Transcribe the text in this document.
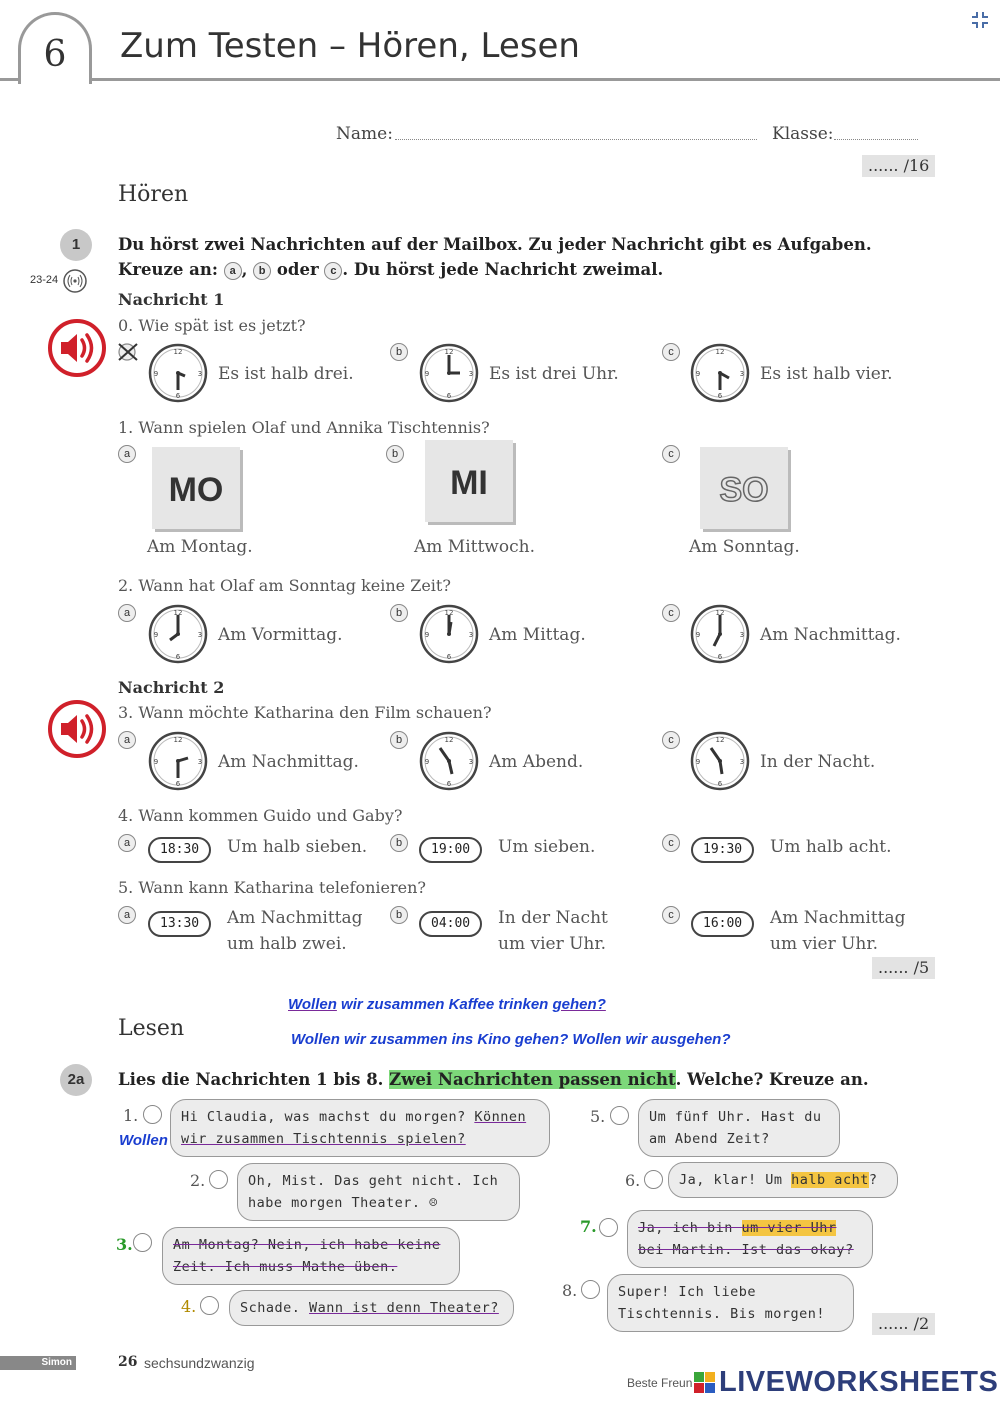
6	Zum Testen – Hören, Lesen
Name:	Klasse:
...... /16
Hören
1
23-24
Du hörst zwei Nachrichten auf der Mailbox. Zu jeder Nachricht gibt es Aufgaben.
Kreuze an: a , b oder c . Du hörst jede Nachricht zweimal.
Nachricht 1
0. Wie spät ist es jetzt?
Es ist halb drei.
b
Es ist drei Uhr.
c
Es ist halb vier.
1. Wann spielen Olaf und Annika Tischtennis?
a
MO
Am Montag.
b
MI
Am Mittwoch.
c
SO
Am Sonntag.
2. Wann hat Olaf am Sonntag keine Zeit?
a
Am Vormittag.
b
Am Mittag.
c
Am Nachmittag.
Nachricht 2
3. Wann möchte Katharina den Film schauen?
a
Am Nachmittag.
b
Am Abend.
c
In der Nacht.
4. Wann kommen Guido und Gaby?
a	18:30	Um halb sieben.	b	19:00	Um sieben.	c	19:30	Um halb acht.
5. Wann kann Katharina telefonieren?
a
13:30	Am Nachmittag
um halb zwei.
b
04:00	In der Nacht
um vier Uhr.
c
16:00	Am Nachmittag
um vier Uhr.
...... /5
Wollen wir zusammen Kaffee trinken gehen?
Wollen wir zusammen ins Kino gehen? Wollen wir ausgehen?
Lesen
2a	Lies die Nachrichten 1 bis 8. Zwei Nachrichten passen nicht. Welche? Kreuze an.
1.	Hi Claudia, was machst du morgen? Können
wir zusammen Tischtennis spielen?
Wollen
2.	Oh, Mist. Das geht nicht. Ich
habe morgen Theater. ☹
3.	Am Montag? Nein, ich habe keine
Zeit. Ich muss Mathe üben.
4.	Schade. Wann ist denn Theater?
5.	Um fünf Uhr. Hast du
am Abend Zeit?
6.	Ja, klar! Um halb acht?
7.	Ja, ich bin um vier Uhr
bei Martin. Ist das okay?
8.	Super! Ich liebe
Tischtennis. Bis morgen!	...... /2
Simon	26 sechsundzwanzig
Beste Freun LIVEWORKSHEETS
